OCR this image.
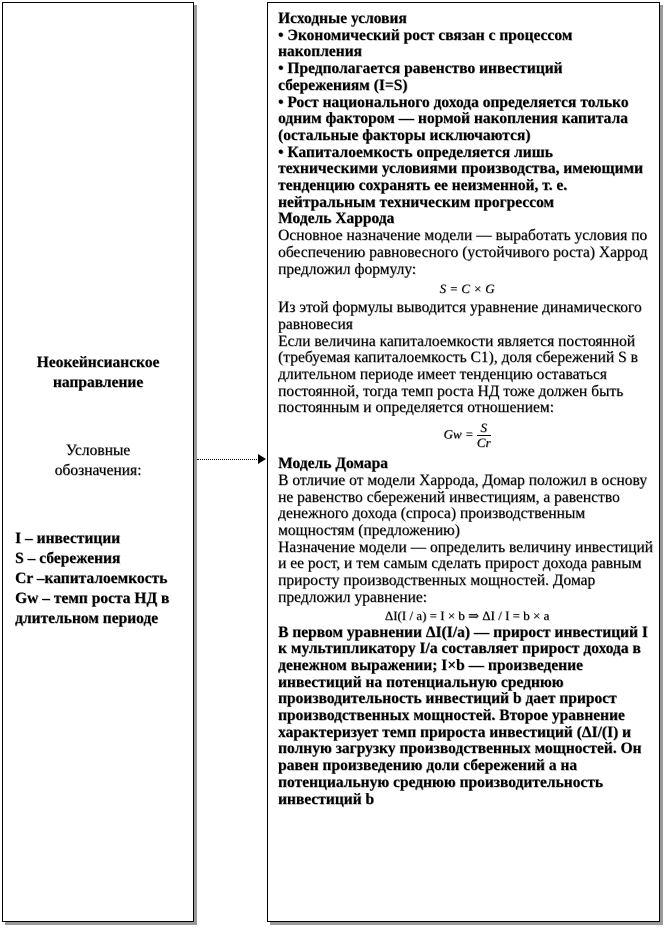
Неокейнсианское
направление
Условные
обозначения:
I – инвестиции
S – сбережения
Cr –капиталоемкость
Gw – темп роста НД в длительном периоде

Исходные условия

• Экономический рост связан с процессом накопления

• Предполагается равенство инвестиций сбережениям (I=S)

• Рост национального дохода определяется только одним фактором — нормой накопления капитала (остальные факторы исключаются)

• Капиталоемкость определяется лишь техническими условиями производства, имеющими тенденцию сохранять ее неизменной, т. е. нейтральным техническим прогрессом

Модель Харрода

Основное назначение модели — выработать условия по обеспечению равновесного (устойчивого роста) Харрод предложил формулу:

S = C × G

Из этой формулы выводится уравнение динамического равновесия

Если величина капиталоемкости является постоянной (требуемая капиталоемкость C1), доля сбережений S в длительном периоде имеет тенденцию оставаться постоянной, тогда темп роста НД тоже должен быть постоянным и определяется отношением:

$Gw = \frac{S}{Cr}$

Модель Домара

В отличие от модели Харрода, Домар положил в основу не равенство сбережений инвестициям, а равенство денежного дохода (спроса) производственным мощностям (предложению)

Назначение модели — определить величину инвестиций и ее рост, и тем самым сделать прирост дохода равным приросту производственных мощностей. Домар предложил уравнение:

ΔI(I / a) = I × b ⇒ ΔI / I = b × a

В первом уравнении ΔI(I/a) — прирост инвестиций I к мультипликатору I/a составляет прирост дохода в денежном выражении; I×b — произведение инвестиций на потенциальную среднюю производительность инвестиций b дает прирост производственных мощностей. Второе уравнение характеризует темп прироста инвестиций (ΔI/(I) и полную загрузку производственных мощностей. Он равен произведению доли сбережений a на потенциальную среднюю производительность инвестиций b
